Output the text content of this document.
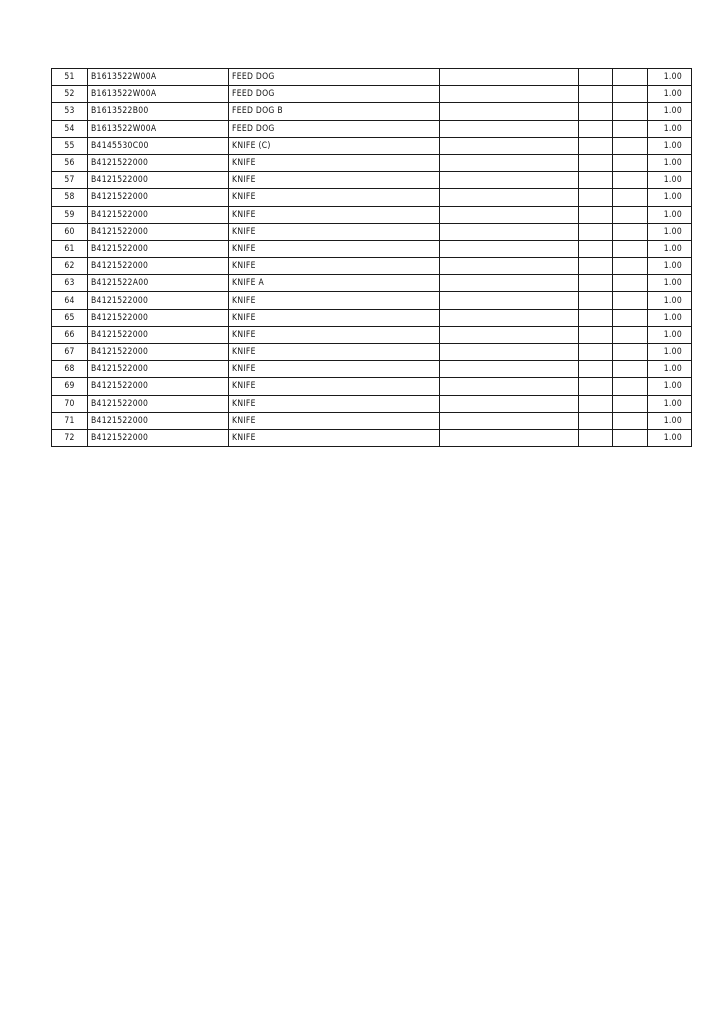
51	B1613522W00A	FEED DOG				1.00
52	B1613522W00A	FEED DOG				1.00
53	B1613522B00	FEED DOG B				1.00
54	B1613522W00A	FEED DOG				1.00
55	B4145530C00	KNIFE (C)				1.00
56	B4121522000	KNIFE				1.00
57	B4121522000	KNIFE				1.00
58	B4121522000	KNIFE				1.00
59	B4121522000	KNIFE				1.00
60	B4121522000	KNIFE				1.00
61	B4121522000	KNIFE				1.00
62	B4121522000	KNIFE				1.00
63	B4121522A00	KNIFE A				1.00
64	B4121522000	KNIFE				1.00
65	B4121522000	KNIFE				1.00
66	B4121522000	KNIFE				1.00
67	B4121522000	KNIFE				1.00
68	B4121522000	KNIFE				1.00
69	B4121522000	KNIFE				1.00
70	B4121522000	KNIFE				1.00
71	B4121522000	KNIFE				1.00
72	B4121522000	KNIFE				1.00
